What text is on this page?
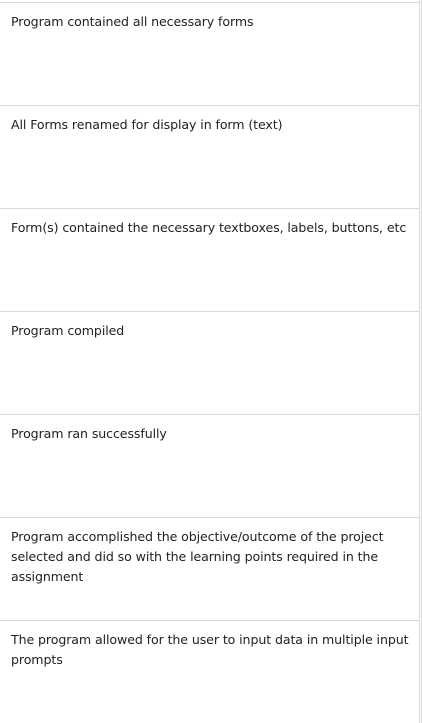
Program contained all necessary forms

All Forms renamed for display in form (text)

Form(s) contained the necessary textboxes, labels, buttons, etc

Program compiled

Program ran successfully

Program accomplished the objective/outcome of the project selected and did so with the learning points required in the assignment

The program allowed for the user to input data in multiple input prompts
